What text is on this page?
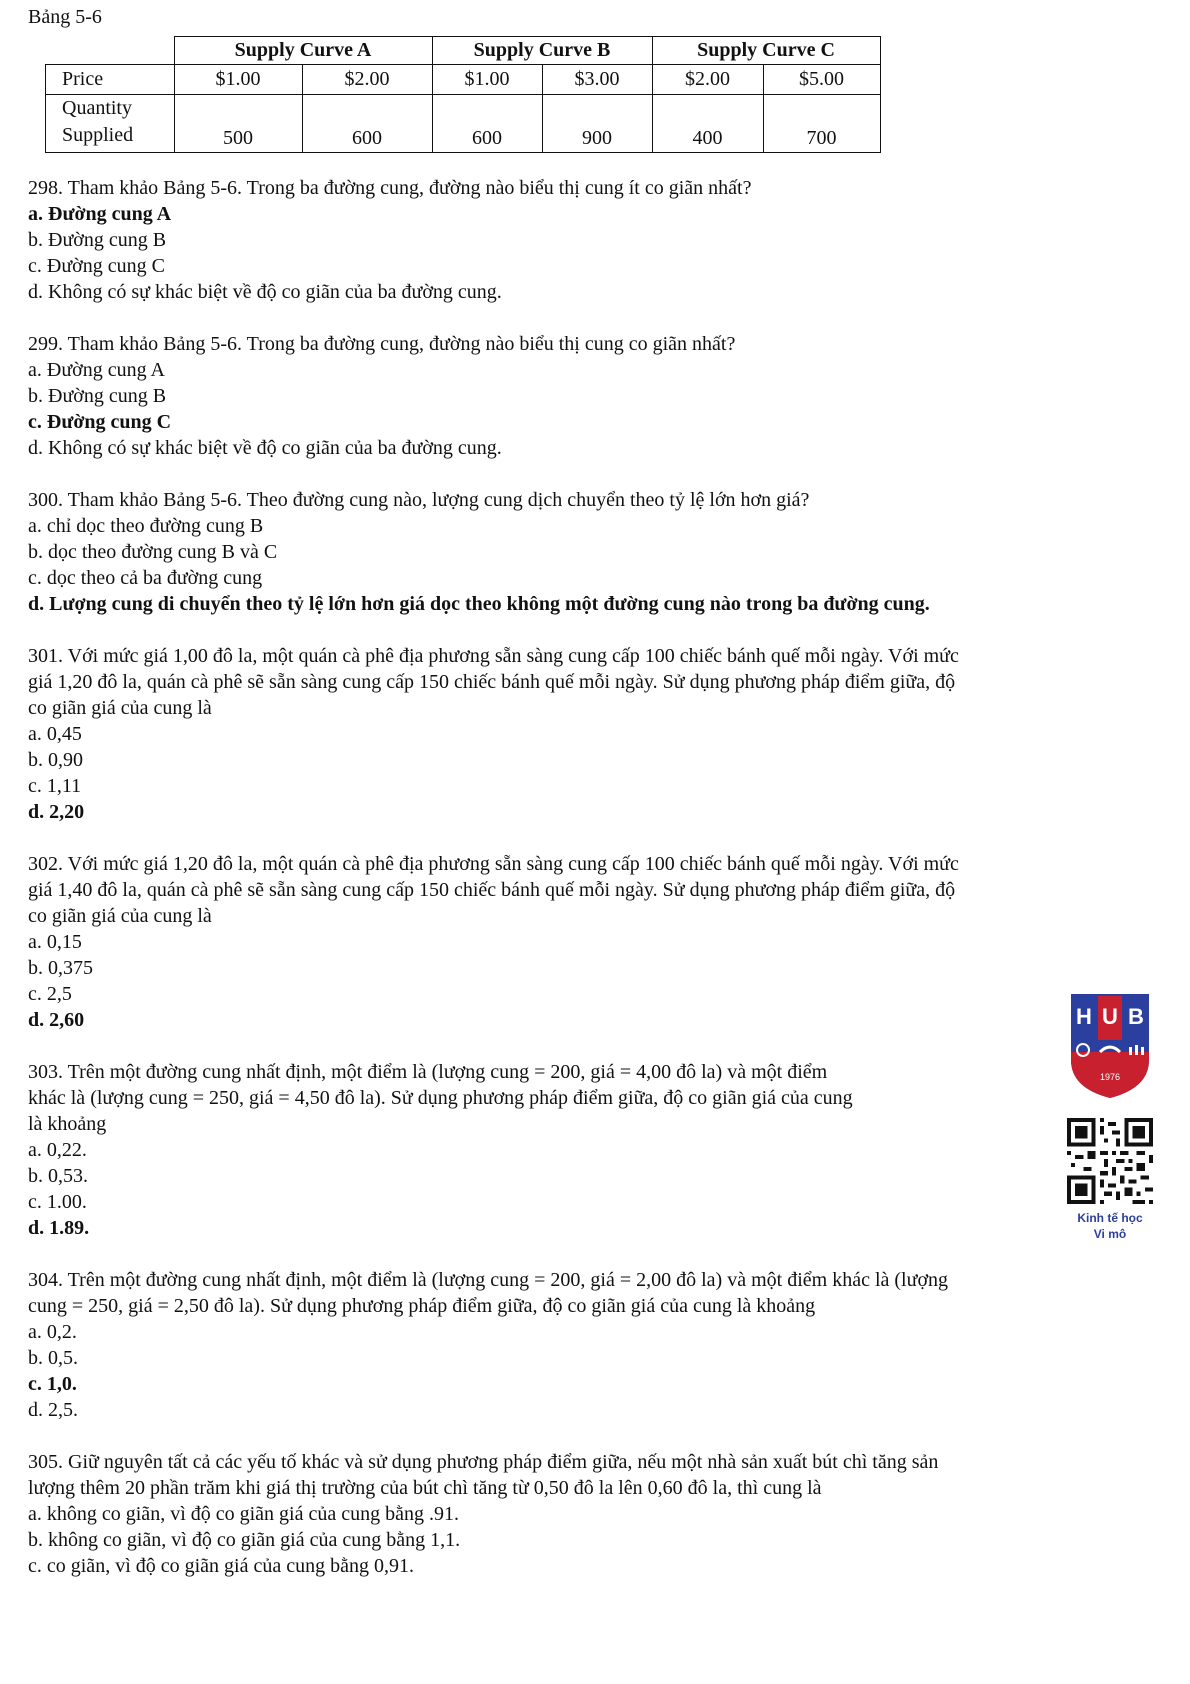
Bảng 5-6
	Supply Curve A		Supply Curve B		Supply Curve C	
Price	$1.00	$2.00	$1.00	$3.00	$2.00	$5.00

Quantity
Supplied	500	600	600	900	400	700

298. Tham khảo Bảng 5-6. Trong ba đường cung, đường nào biểu thị cung ít co giãn nhất?

a. Đường cung A

b. Đường cung B

c. Đường cung C

d. Không có sự khác biệt về độ co giãn của ba đường cung.

299. Tham khảo Bảng 5-6. Trong ba đường cung, đường nào biểu thị cung co giãn nhất?

a. Đường cung A

b. Đường cung B

c. Đường cung C

d. Không có sự khác biệt về độ co giãn của ba đường cung.

300. Tham khảo Bảng 5-6. Theo đường cung nào, lượng cung dịch chuyển theo tỷ lệ lớn hơn giá?

a. chỉ dọc theo đường cung B

b. dọc theo đường cung B và C

c. dọc theo cả ba đường cung

d. Lượng cung di chuyển theo tỷ lệ lớn hơn giá dọc theo không một đường cung nào trong ba đường cung.

301. Với mức giá 1,00 đô la, một quán cà phê địa phương sẵn sàng cung cấp 100 chiếc bánh quế mỗi ngày. Với mức

giá 1,20 đô la, quán cà phê sẽ sẵn sàng cung cấp 150 chiếc bánh quế mỗi ngày. Sử dụng phương pháp điểm giữa, độ

co giãn giá của cung là

a. 0,45

b. 0,90

c. 1,11

d. 2,20

302. Với mức giá 1,20 đô la, một quán cà phê địa phương sẵn sàng cung cấp 100 chiếc bánh quế mỗi ngày. Với mức

giá 1,40 đô la, quán cà phê sẽ sẵn sàng cung cấp 150 chiếc bánh quế mỗi ngày. Sử dụng phương pháp điểm giữa, độ

co giãn giá của cung là

a. 0,15

b. 0,375

c. 2,5

d. 2,60

303. Trên một đường cung nhất định, một điểm là (lượng cung = 200, giá = 4,00 đô la) và một điểm

khác là (lượng cung = 250, giá = 4,50 đô la). Sử dụng phương pháp điểm giữa, độ co giãn giá của cung

là khoảng

a. 0,22.

b. 0,53.

c. 1.00.

d. 1.89.

304. Trên một đường cung nhất định, một điểm là (lượng cung = 200, giá = 2,00 đô la) và một điểm khác là (lượng

cung = 250, giá = 2,50 đô la). Sử dụng phương pháp điểm giữa, độ co giãn giá của cung là khoảng

a. 0,2.

b. 0,5.

c. 1,0.

d. 2,5.

305. Giữ nguyên tất cả các yếu tố khác và sử dụng phương pháp điểm giữa, nếu một nhà sản xuất bút chì tăng sản

lượng thêm 20 phần trăm khi giá thị trường của bút chì tăng từ 0,50 đô la lên 0,60 đô la, thì cung là

a. không co giãn, vì độ co giãn giá của cung bằng .91.

b. không co giãn, vì độ co giãn giá của cung bằng 1,1.

c. co giãn, vì độ co giãn giá của cung bằng 0,91.

H U B
1976
Kinh tế học
Vi mô
